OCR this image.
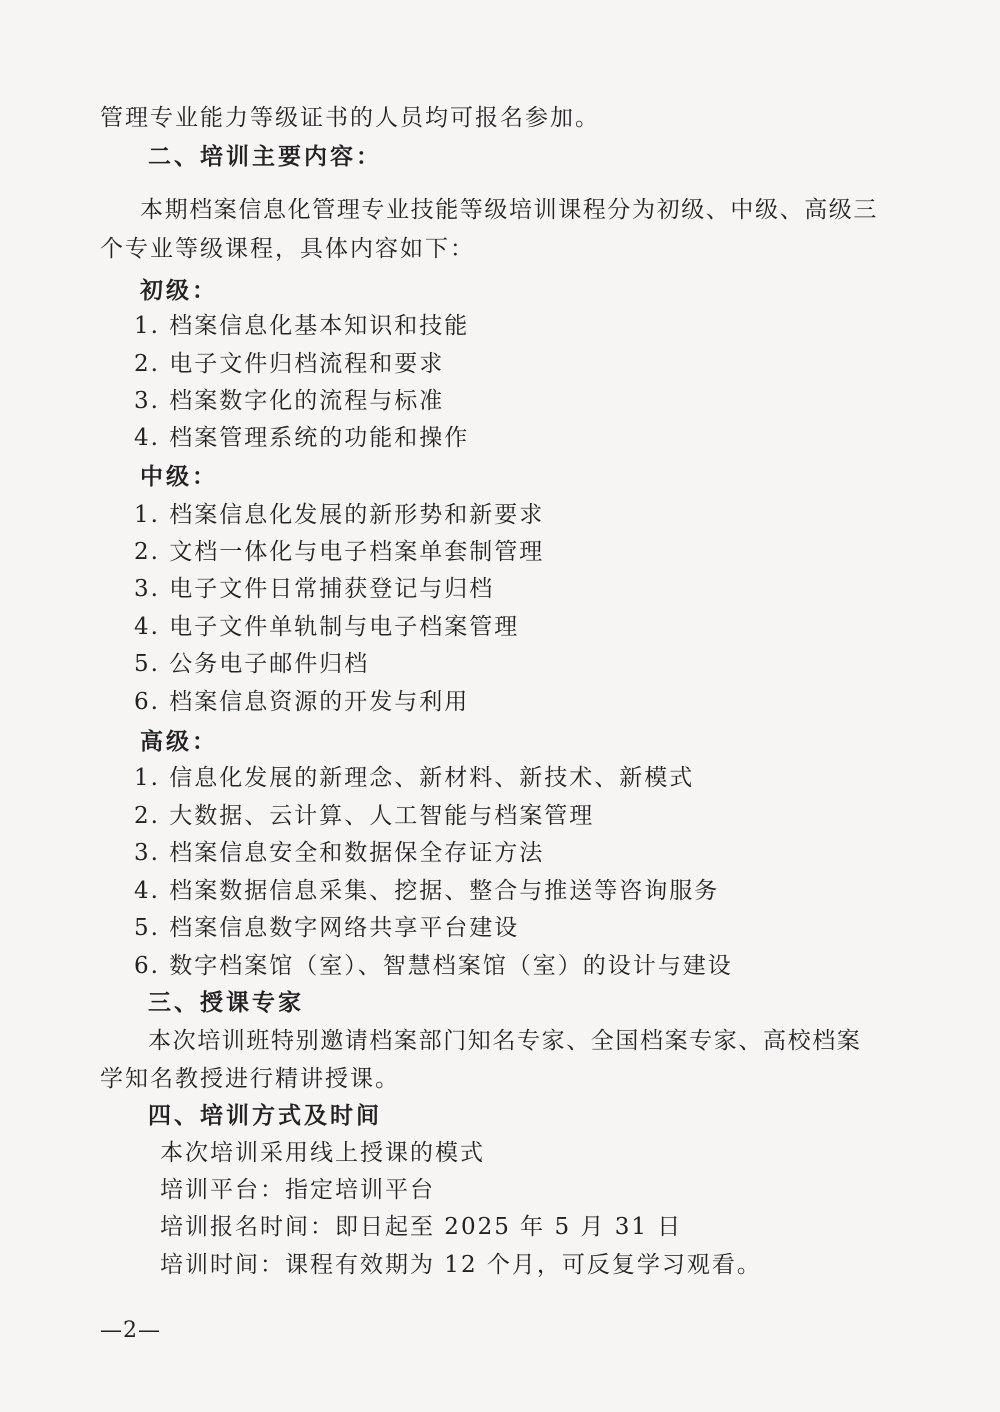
管理专业能力等级证书的人员均可报名参加。
二、培训主要内容：
本期档案信息化管理专业技能等级培训课程分为初级、中级、高级三
个专业等级课程，具体内容如下：
初级：
1. 档案信息化基本知识和技能
2. 电子文件归档流程和要求
3. 档案数字化的流程与标准
4. 档案管理系统的功能和操作
中级：
1. 档案信息化发展的新形势和新要求
2. 文档一体化与电子档案单套制管理
3. 电子文件日常捕获登记与归档
4. 电子文件单轨制与电子档案管理
5. 公务电子邮件归档
6. 档案信息资源的开发与利用
高级：
1. 信息化发展的新理念、新材料、新技术、新模式
2. 大数据、云计算、人工智能与档案管理
3. 档案信息安全和数据保全存证方法
4. 档案数据信息采集、挖据、整合与推送等咨询服务
5. 档案信息数字网络共享平台建设
6. 数字档案馆（室）、智慧档案馆（室）的设计与建设
三、授课专家
本次培训班特别邀请档案部门知名专家、全国档案专家、高校档案
学知名教授进行精讲授课。
四、培训方式及时间
本次培训采用线上授课的模式
培训平台：指定培训平台
培训报名时间：即日起至 2025 年 5 月 31 日
培训时间：课程有效期为 12 个月，可反复学习观看。
—2—
